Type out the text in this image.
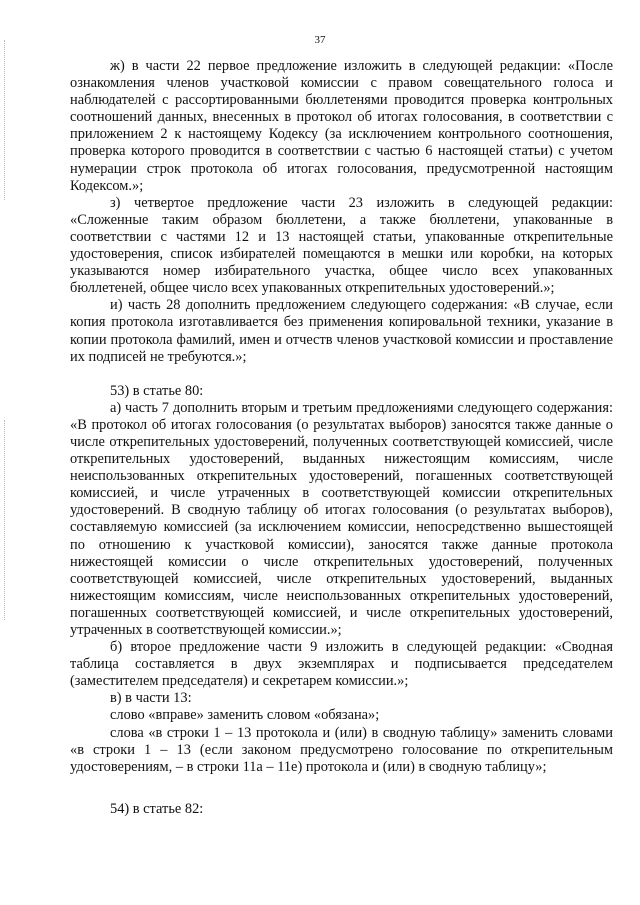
37

ж) в части 22 первое предложение изложить в следующей редакции: «После ознакомления членов участковой комиссии с правом совещательного голоса и наблюдателей с рассортированными бюллетенями проводится проверка контрольных соотношений данных, внесенных в протокол об итогах голосования, в соответствии с приложением 2 к настоящему Кодексу (за исключением контрольного соотношения, проверка которого проводится в соответствии с частью 6 настоящей статьи) с учетом нумерации строк протокола об итогах голосования, предусмотренной настоящим Кодексом.»;

з) четвертое предложение части 23 изложить в следующей редакции: «Сложенные таким образом бюллетени, а также бюллетени, упакованные в соответствии с частями 12 и 13 настоящей статьи, упакованные открепительные удостоверения, список избирателей помещаются в мешки или коробки, на которых указываются номер избирательного участка, общее число всех упакованных бюллетеней, общее число всех упакованных открепительных удостоверений.»;

и) часть 28 дополнить предложением следующего содержания: «В случае, если копия протокола изготавливается без применения копировальной техники, указание в копии протокола фамилий, имен и отчеств членов участковой комиссии и проставление их подписей не требуются.»;

53) в статье 80:

а) часть 7 дополнить вторым и третьим предложениями следующего содержания: «В протокол об итогах голосования (о результатах выборов) заносятся также данные о числе открепительных удостоверений, полученных соответствующей комиссией, числе открепительных удостоверений, выданных нижестоящим комиссиям, числе неиспользованных открепительных удостоверений, погашенных соответствующей комиссией, и числе утраченных в соответствующей комиссии открепительных удостоверений. В сводную таблицу об итогах голосования (о результатах выборов), составляемую комиссией (за исключением комиссии, непосредственно вышестоящей по отношению к участковой комиссии), заносятся также данные протокола нижестоящей комиссии о числе открепительных удостоверений, полученных соответствующей комиссией, числе открепительных удостоверений, выданных нижестоящим комиссиям, числе неиспользованных открепительных удостоверений, погашенных соответствующей комиссией, и числе открепительных удостоверений, утраченных в соответствующей комиссии.»;

б) второе предложение части 9 изложить в следующей редакции: «Сводная таблица составляется в двух экземплярах и подписывается председателем (заместителем председателя) и секретарем комиссии.»;

в) в части 13:

слово «вправе» заменить словом «обязана»;

слова «в строки 1 – 13 протокола и (или) в сводную таблицу» заменить словами «в строки 1 – 13 (если законом предусмотрено голосование по открепительным удостоверениям, – в строки 11а – 11е) протокола и (или) в сводную таблицу»;

54) в статье 82:
